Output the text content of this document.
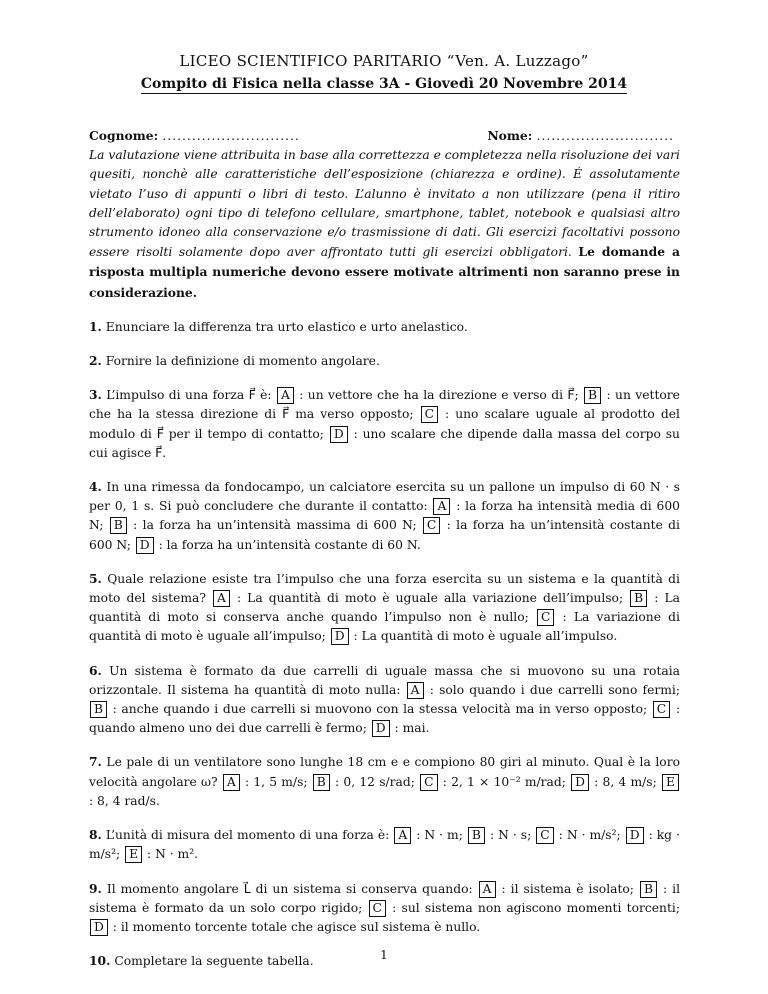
LICEO SCIENTIFICO PARITARIO “Ven. A. Luzzago”
Compito di Fisica nella classe 3A - Giovedì 20 Novembre 2014
Cognome: ............................	Nome: ............................

La valutazione viene attribuita in base alla correttezza e completezza nella risoluzione dei vari quesiti, nonchè alle caratteristiche dell’esposizione (chiarezza e ordine). É assolutamente vietato l’uso di appunti o libri di testo. L’alunno è invitato a non utilizzare (pena il ritiro dell’elaborato) ogni tipo di telefono cellulare, smartphone, tablet, notebook e qualsiasi altro strumento idoneo alla conservazione e/o trasmissione di dati. Gli esercizi facoltativi possono essere risolti solamente dopo aver affrontato tutti gli esercizi obbligatori. Le domande a risposta multipla numeriche devono essere motivate altrimenti non saranno prese in considerazione.

1. Enunciare la differenza tra urto elastico e urto anelastico.

2. Fornire la definizione di momento angolare.

3. L’impulso di una forza F⃗ è: A : un vettore che ha la direzione e verso di F⃗; B : un vettore che ha la stessa direzione di F⃗ ma verso opposto; C : uno scalare uguale al prodotto del modulo di F⃗ per il tempo di contatto; D : uno scalare che dipende dalla massa del corpo su cui agisce F⃗.

4. In una rimessa da fondocampo, un calciatore esercita su un pallone un impulso di 60 N · s per 0, 1 s. Si può concludere che durante il contatto: A : la forza ha intensità media di 600 N; B : la forza ha un’intensità massima di 600 N; C : la forza ha un’intensità costante di 600 N; D : la forza ha un’intensità costante di 60 N.

5. Quale relazione esiste tra l’impulso che una forza esercita su un sistema e la quantità di moto del sistema? A : La quantità di moto è uguale alla variazione dell’impulso; B : La quantità di moto si conserva anche quando l’impulso non è nullo; C : La variazione di quantità di moto è uguale all’impulso; D : La quantità di moto è uguale all’impulso.

6. Un sistema è formato da due carrelli di uguale massa che si muovono su una rotaia orizzontale. Il sistema ha quantità di moto nulla: A : solo quando i due carrelli sono fermi; B : anche quando i due carrelli si muovono con la stessa velocità ma in verso opposto; C : quando almeno uno dei due carrelli è fermo; D : mai.

7. Le pale di un ventilatore sono lunghe 18 cm e e compiono 80 giri al minuto. Qual è la loro velocità angolare ω? A : 1, 5 m/s; B : 0, 12 s/rad; C : 2, 1 × 10⁻² m/rad; D : 8, 4 m/s; E : 8, 4 rad/s.

8. L’unità di misura del momento di una forza è: A : N · m; B : N · s; C : N · m/s²; D : kg · m/s²; E : N · m².

9. Il momento angolare L⃗ di un sistema si conserva quando: A : il sistema è isolato; B : il sistema è formato da un solo corpo rigido; C : sul sistema non agiscono momenti torcenti; D : il momento torcente totale che agisce sul sistema è nullo.

10. Completare la seguente tabella.	1
